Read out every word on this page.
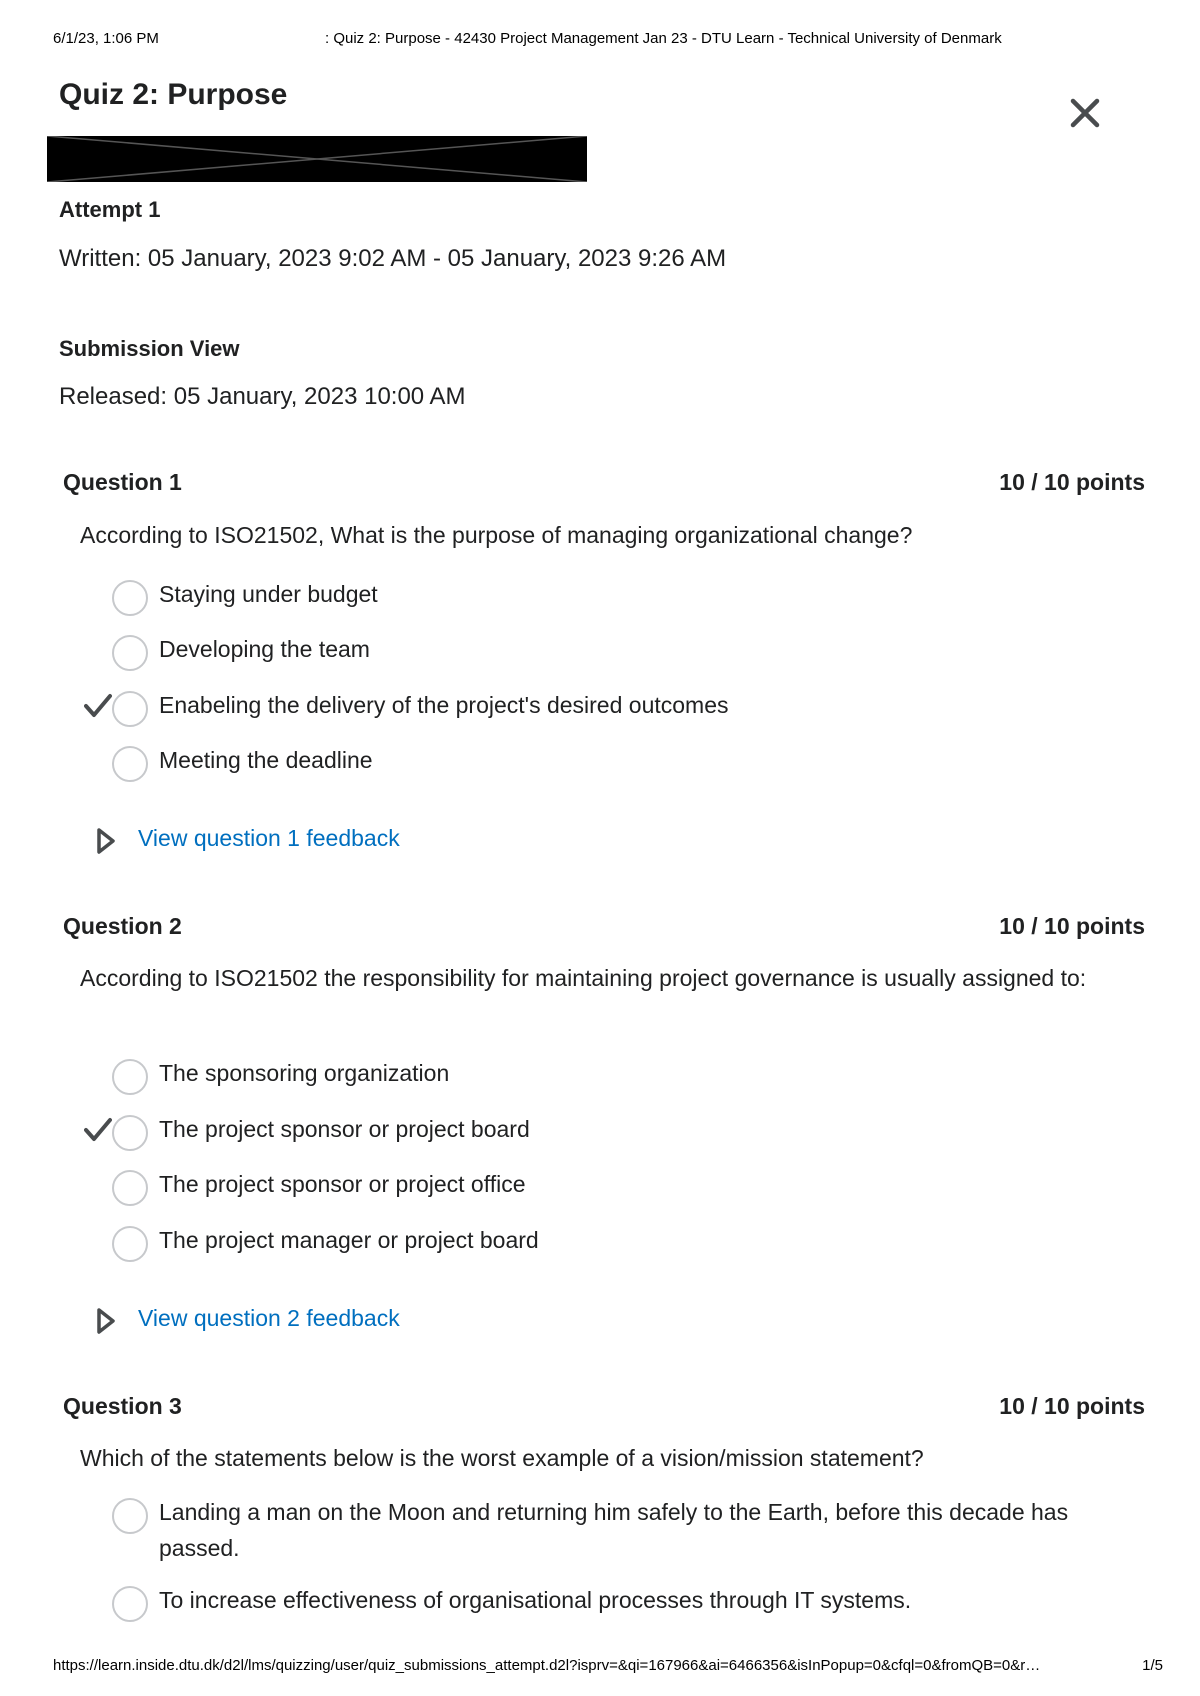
6/1/23, 1:06 PM	: Quiz 2: Purpose - 42430 Project Management Jan 23 - DTU Learn - Technical University of Denmark
Quiz 2: Purpose
Attempt 1
Written: 05 January, 2023 9:02 AM - 05 January, 2023 9:26 AM
Submission View
Released: 05 January, 2023 10:00 AM
Question 1	10 / 10 points
According to ISO21502, What is the purpose of managing organizational change?
Staying under budget
Developing the team
Enabeling the delivery of the project's desired outcomes
Meeting the deadline
View question 1 feedback
Question 2	10 / 10 points
According to ISO21502 the responsibility for maintaining project governance is usually assigned to:
The sponsoring organization
The project sponsor or project board
The project sponsor or project office
The project manager or project board
View question 2 feedback
Question 3	10 / 10 points
Which of the statements below is the worst example of a vision/mission statement?
Landing a man on the Moon and returning him safely to the Earth, before this decade has passed.
To increase effectiveness of organisational processes through IT systems.
https://learn.inside.dtu.dk/d2l/lms/quizzing/user/quiz_submissions_attempt.d2l?isprv=&qi=167966&ai=6466356&isInPopup=0&cfql=0&fromQB=0&r…	1/5
